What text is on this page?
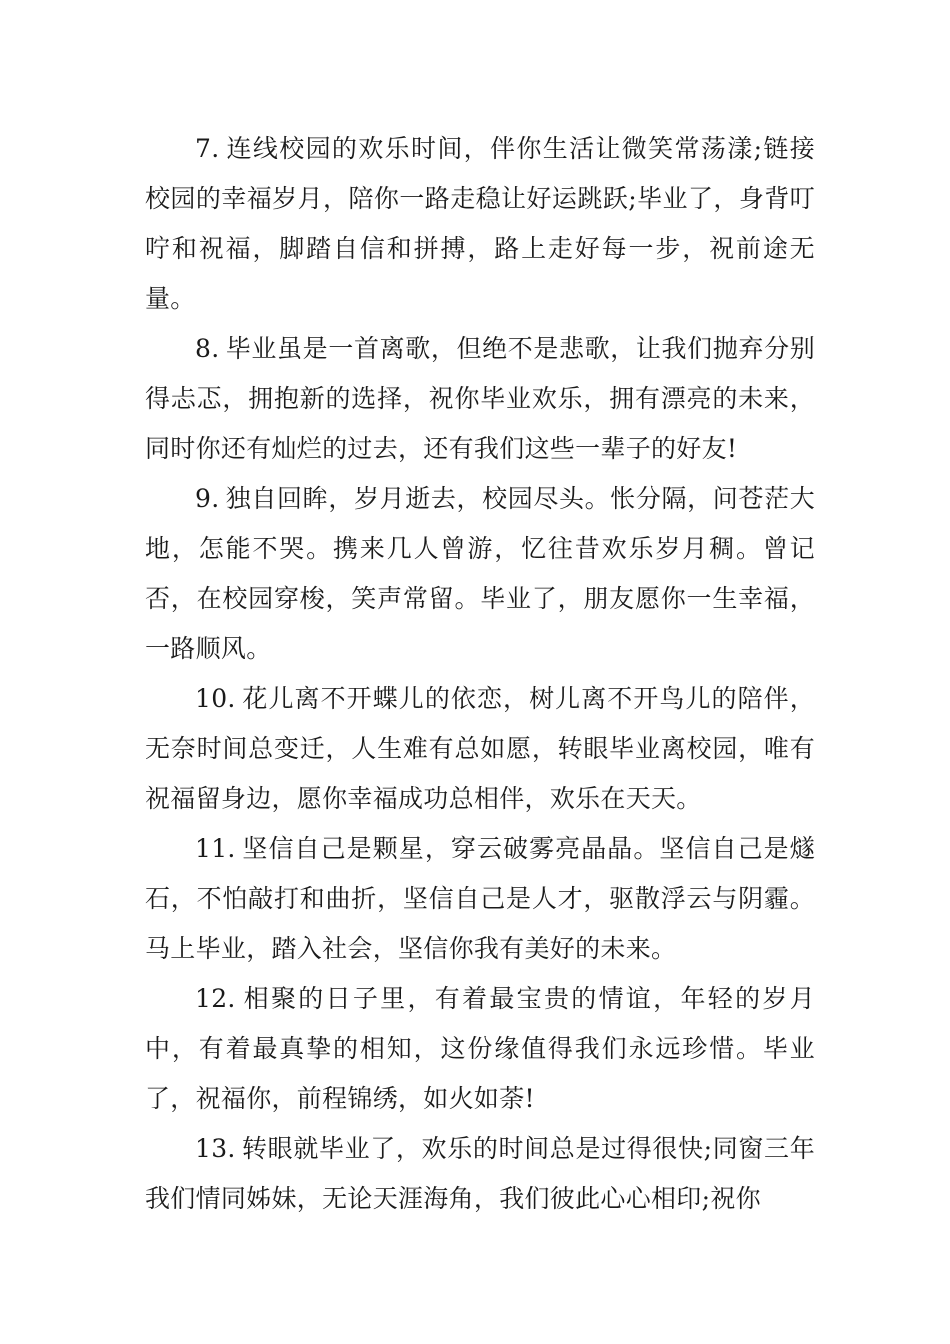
7. 连线校园的欢乐时间，伴你生活让微笑常荡漾;链接校园的幸福岁月，陪你一路走稳让好运跳跃;毕业了，身背叮咛和祝福，脚踏自信和拼搏，路上走好每一步，祝前途无量。

8. 毕业虽是一首离歌，但绝不是悲歌，让我们抛弃分别得忐忑，拥抱新的选择，祝你毕业欢乐，拥有漂亮的未来，同时你还有灿烂的过去，还有我们这些一辈子的好友!

9. 独自回眸，岁月逝去，校园尽头。怅分隔，问苍茫大地，怎能不哭。携来几人曾游，忆往昔欢乐岁月稠。曾记否，在校园穿梭，笑声常留。毕业了，朋友愿你一生幸福，一路顺风。

10. 花儿离不开蝶儿的依恋，树儿离不开鸟儿的陪伴，无奈时间总变迁，人生难有总如愿，转眼毕业离校园，唯有祝福留身边，愿你幸福成功总相伴，欢乐在天天。

11. 坚信自己是颗星，穿云破雾亮晶晶。坚信自己是燧石，不怕敲打和曲折，坚信自己是人才，驱散浮云与阴霾。马上毕业，踏入社会，坚信你我有美好的未来。

12. 相聚的日子里，有着最宝贵的情谊，年轻的岁月中，有着最真挚的相知，这份缘值得我们永远珍惜。毕业了，祝福你，前程锦绣，如火如荼!

13. 转眼就毕业了，欢乐的时间总是过得很快;同窗三年我们情同姊妹，无论天涯海角，我们彼此心心相印;祝你
